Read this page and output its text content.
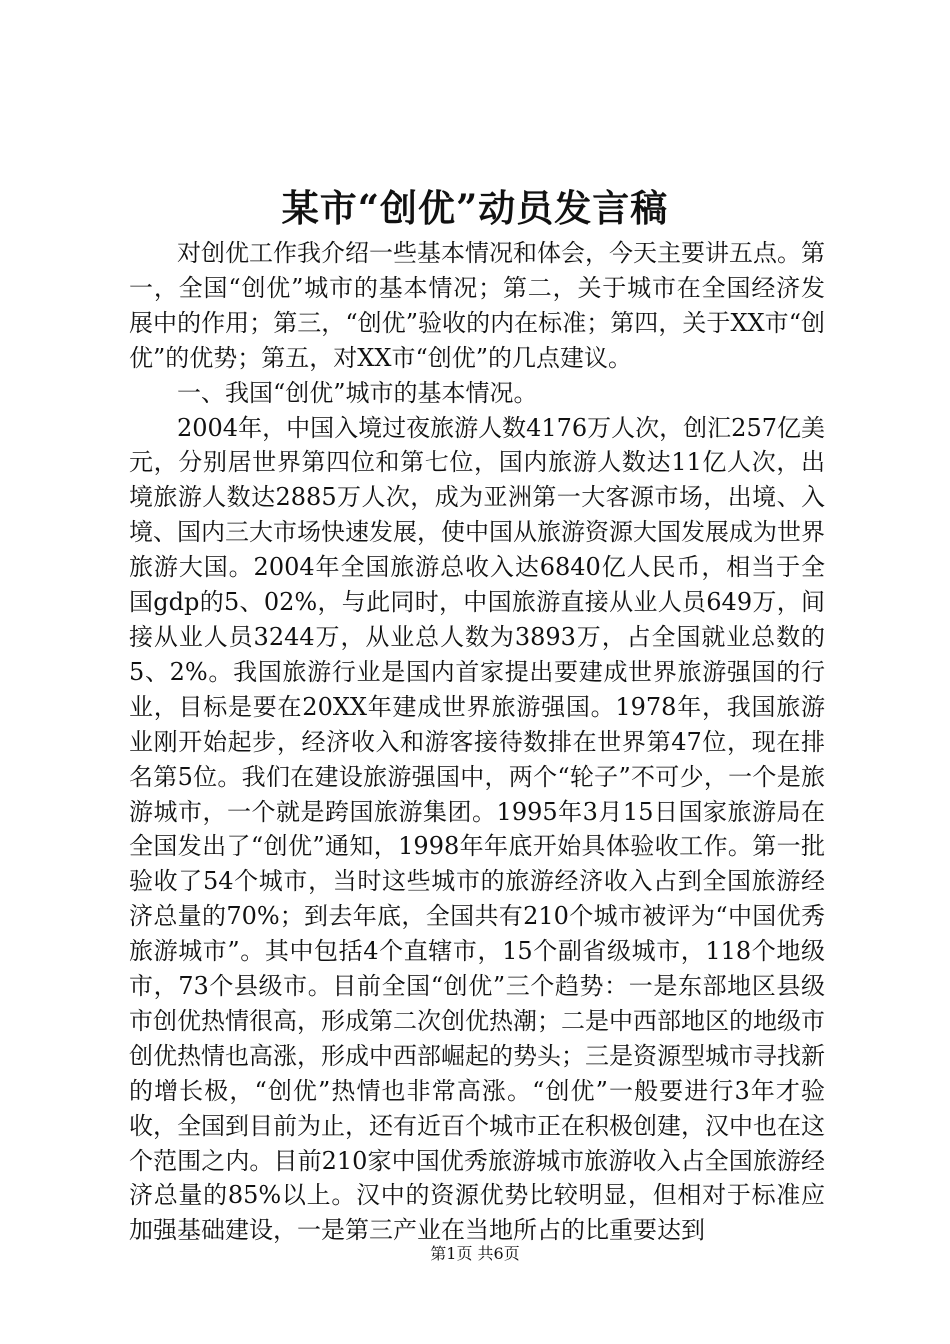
某市“创优”动员发言稿

对创优工作我介绍一些基本情况和体会，今天主要讲五点。第一，全国“创优”城市的基本情况；第二，关于城市在全国经济发展中的作用；第三，“创优”验收的内在标准；第四，关于XX市“创优”的优势；第五，对XX市“创优”的几点建议。

一、我国“创优”城市的基本情况。

2004年，中国入境过夜旅游人数4176万人次，创汇257亿美元，分别居世界第四位和第七位，国内旅游人数达11亿人次，出境旅游人数达2885万人次，成为亚洲第一大客源市场，出境、入境、国内三大市场快速发展，使中国从旅游资源大国发展成为世界旅游大国。2004年全国旅游总收入达6840亿人民币，相当于全国gdp的5、02%，与此同时，中国旅游直接从业人员649万，间接从业人员3244万，从业总人数为3893万，占全国就业总数的5、2%。我国旅游行业是国内首家提出要建成世界旅游强国的行业，目标是要在20XX年建成世界旅游强国。1978年，我国旅游业刚开始起步，经济收入和游客接待数排在世界第47位，现在排名第5位。我们在建设旅游强国中，两个“轮子”不可少，一个是旅游城市，一个就是跨国旅游集团。1995年3月15日国家旅游局在全国发出了“创优”通知，1998年年底开始具体验收工作。第一批验收了54个城市，当时这些城市的旅游经济收入占到全国旅游经济总量的70%；到去年底，全国共有210个城市被评为“中国优秀旅游城市”。其中包括4个直辖市，15个副省级城市，118个地级市，73个县级市。目前全国“创优”三个趋势：一是东部地区县级市创优热情很高，形成第二次创优热潮；二是中西部地区的地级市创优热情也高涨，形成中西部崛起的势头；三是资源型城市寻找新的增长极，“创优”热情也非常高涨。“创优”一般要进行3年才验收，全国到目前为止，还有近百个城市正在积极创建，汉中也在这个范围之内。目前210家中国优秀旅游城市旅游收入占全国旅游经济总量的85%以上。汉中的资源优势比较明显，但相对于标准应加强基础建设，一是第三产业在当地所占的比重要达到

第1页 共6页
